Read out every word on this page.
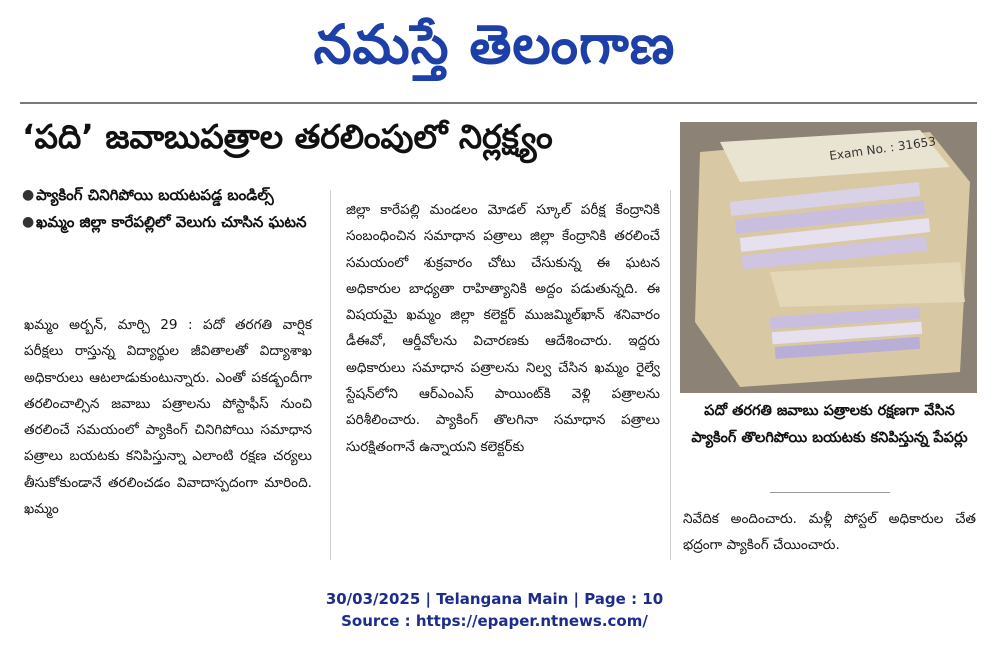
నమస్తే తెలంగాణ
‘పది’ జవాబుపత్రాల తరలింపులో నిర్లక్ష్యం
● ప్యాకింగ్ చినిగిపోయి బయటపడ్డ బండిల్స్
● ఖమ్మం జిల్లా కారేపల్లిలో వెలుగు చూసిన ఘటన
ఖమ్మం అర్బన్, మార్చి 29 : పదో తరగతి వార్షిక పరీక్షలు రాస్తున్న విద్యార్థుల జీవితాలతో విద్యాశాఖ అధికారులు ఆటలాడుకుంటున్నారు. ఎంతో పకడ్బందీగా తరలించాల్సిన జవాబు పత్రాలను పోస్టాఫీస్ నుంచి తరలించే సమయంలో ప్యాకింగ్ చినిగిపోయి సమాధాన పత్రాలు బయటకు కనిపిస్తున్నా ఎలాంటి రక్షణ చర్యలు తీసుకోకుండానే తరలించడం వివాదాస్పదంగా మారింది. ఖమ్మం
జిల్లా కారేపల్లి మండలం మోడల్ స్కూల్ పరీక్ష కేంద్రానికి సంబంధించిన సమాధాన పత్రాలు జిల్లా కేంద్రానికి తరలించే సమయంలో శుక్రవారం చోటు చేసుకున్న ఈ ఘటన అధికారుల బాధ్యతా రాహిత్యానికి అద్దం పడుతున్నది. ఈ విషయమై ఖమ్మం జిల్లా కలెక్టర్ ముజమ్మిల్‌ఖాన్ శనివారం డీఈవో, ఆర్డీవోలను విచారణకు ఆదేశించారు. ఇద్దరు అధికారులు సమాధాన పత్రాలను నిల్వ చేసిన ఖమ్మం రైల్వే స్టేషన్‌లోని ఆర్‌ఎంఎస్ పాయింట్‌కి వెళ్లి పత్రాలను పరిశీలించారు. ప్యాకింగ్ తొలగినా సమాధాన పత్రాలు సురక్షితంగానే ఉన్నాయని కలెక్టర్‌కు
Exam No. : 31653
పదో తరగతి జవాబు పత్రాలకు రక్షణగా వేసిన ప్యాకింగ్ తొలగిపోయి బయటకు కనిపిస్తున్న పేపర్లు
నివేదిక అందించారు. మళ్లీ పోస్టల్ అధికారుల చేత భద్రంగా ప్యాకింగ్ చేయించారు.
30/03/2025 | Telangana Main | Page : 10
Source : https://epaper.ntnews.com/
